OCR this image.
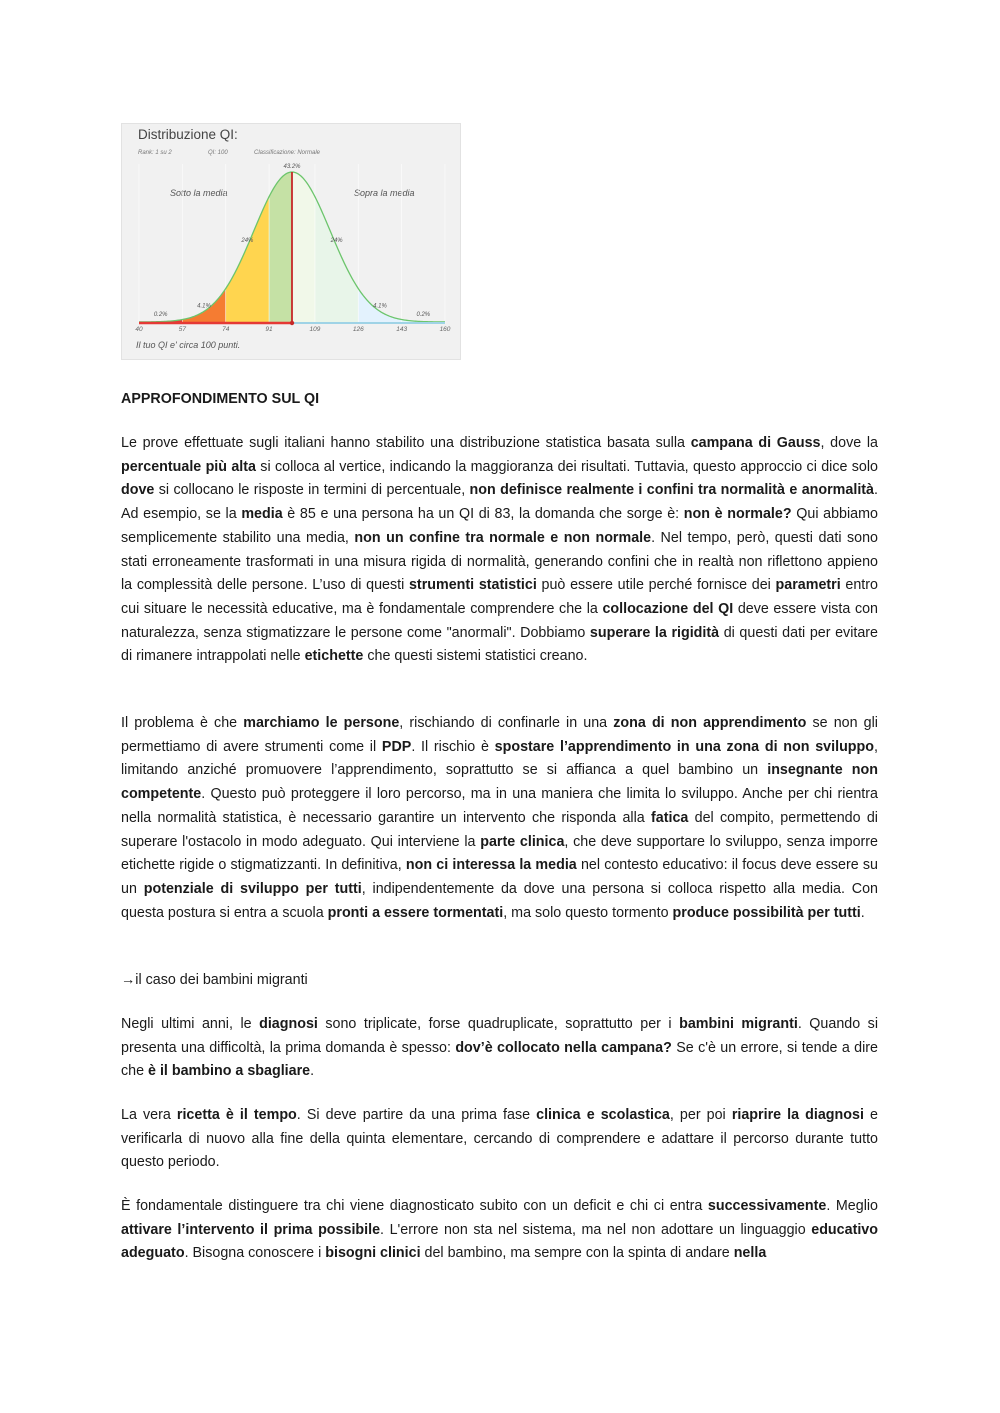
Distribuzione QI:
Rank: 1 su 2	QI: 100	Classificazione: Normale
Sotto la media	Sopra la media
40	57	74	91	109	126	143	160
0.2%
4.1%
24%
43.2%
24%
4.1%
0.2%
Il tuo QI e' circa 100 punti.
APPROFONDIMENTO SUL QI

Le prove effettuate sugli italiani hanno stabilito una distribuzione statistica basata sulla campana di Gauss, dove la percentuale più alta si colloca al vertice, indicando la maggioranza dei risultati. Tuttavia, questo approccio ci dice solo dove si collocano le risposte in termini di percentuale, non definisce realmente i confini tra normalità e anormalità. Ad esempio, se la media è 85 e una persona ha un QI di 83, la domanda che sorge è: non è normale? Qui abbiamo semplicemente stabilito una media, non un confine tra normale e non normale. Nel tempo, però, questi dati sono stati erroneamente trasformati in una misura rigida di normalità, generando confini che in realtà non riflettono appieno la complessità delle persone. L’uso di questi strumenti statistici può essere utile perché fornisce dei parametri entro cui situare le necessità educative, ma è fondamentale comprendere che la collocazione del QI deve essere vista con naturalezza, senza stigmatizzare le persone come "anormali". Dobbiamo superare la rigidità di questi dati per evitare di rimanere intrappolati nelle etichette che questi sistemi statistici creano.

Il problema è che marchiamo le persone, rischiando di confinarle in una zona di non apprendimento se non gli permettiamo di avere strumenti come il PDP. Il rischio è spostare l’apprendimento in una zona di non sviluppo, limitando anziché promuovere l’apprendimento, soprattutto se si affianca a quel bambino un insegnante non competente. Questo può proteggere il loro percorso, ma in una maniera che limita lo sviluppo. Anche per chi rientra nella normalità statistica, è necessario garantire un intervento che risponda alla fatica del compito, permettendo di superare l'ostacolo in modo adeguato. Qui interviene la parte clinica, che deve supportare lo sviluppo, senza imporre etichette rigide o stigmatizzanti. In definitiva, non ci interessa la media nel contesto educativo: il focus deve essere su un potenziale di sviluppo per tutti, indipendentemente da dove una persona si colloca rispetto alla media. Con questa postura si entra a scuola pronti a essere tormentati, ma solo questo tormento produce possibilità per tutti.

→il caso dei bambini migranti

Negli ultimi anni, le diagnosi sono triplicate, forse quadruplicate, soprattutto per i bambini migranti. Quando si presenta una difficoltà, la prima domanda è spesso: dov’è collocato nella campana? Se c'è un errore, si tende a dire che è il bambino a sbagliare.

La vera ricetta è il tempo. Si deve partire da una prima fase clinica e scolastica, per poi riaprire la diagnosi e verificarla di nuovo alla fine della quinta elementare, cercando di comprendere e adattare il percorso durante tutto questo periodo.

È fondamentale distinguere tra chi viene diagnosticato subito con un deficit e chi ci entra successivamente. Meglio attivare l’intervento il prima possibile. L'errore non sta nel sistema, ma nel non adottare un linguaggio educativo adeguato. Bisogna conoscere i bisogni clinici del bambino, ma sempre con la spinta di andare nella
